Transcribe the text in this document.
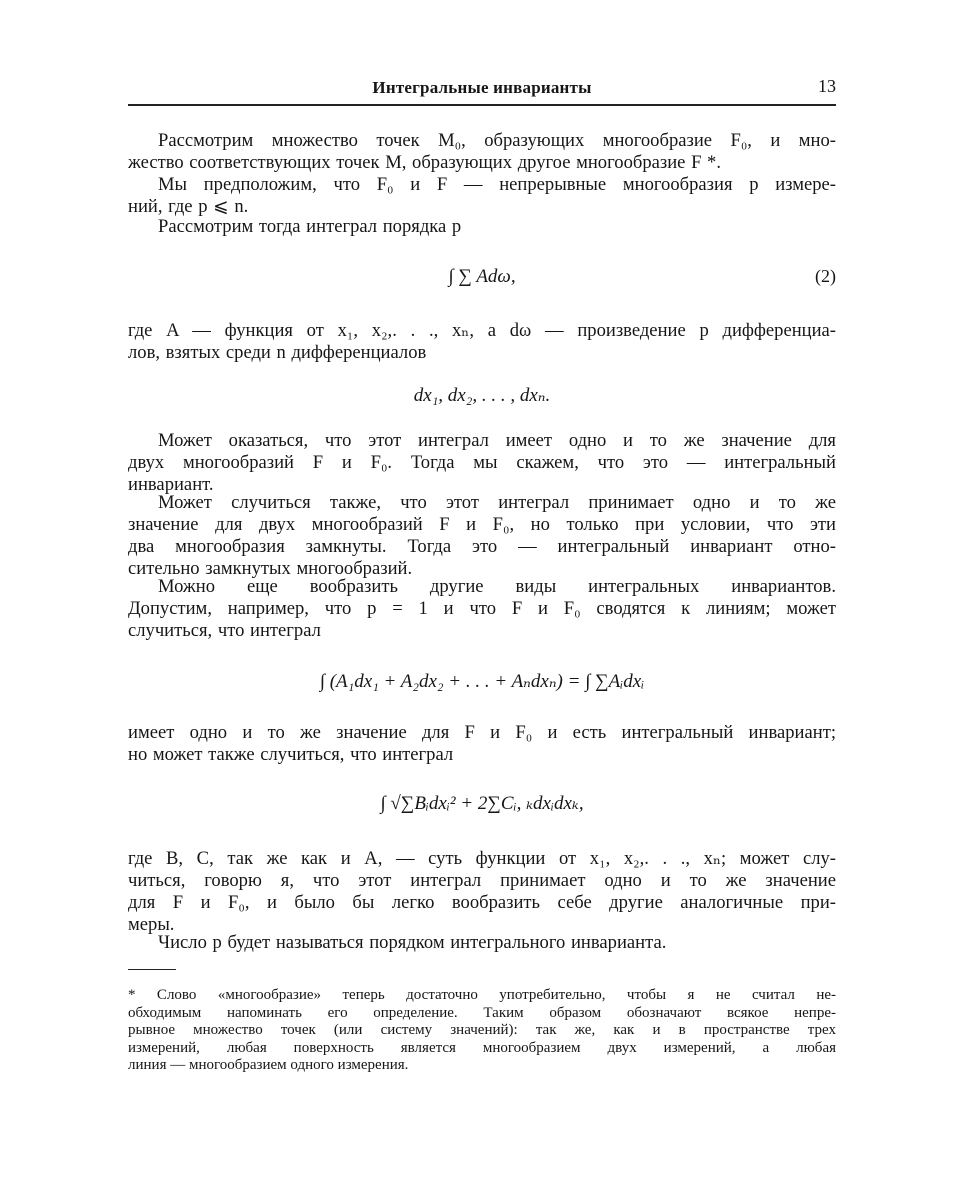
Интегральные инварианты	13

Рассмотрим множество точек M₀, образующих многообразие F₀, и мно-
жество соответствующих точек M, образующих другое многообразие F *.

Мы предположим, что F₀ и F — непрерывные многообразия p измере-
ний, где p ⩽ n.

Рассмотрим тогда интеграл порядка p

∫ ∑ Adω,	(2)

где A — функция от x₁, x₂,. . ., xₙ, а dω — произведение p дифференциа-
лов, взятых среди n дифференциалов

dx₁, dx₂, . . . , dxₙ.

Может оказаться, что этот интеграл имеет одно и то же значение для
двух многообразий F и F₀. Тогда мы скажем, что это — интегральный
инвариант.

Может случиться также, что этот интеграл принимает одно и то же
значение для двух многообразий F и F₀, но только при условии, что эти
два многообразия замкнуты. Тогда это — интегральный инвариант отно-
сительно замкнутых многообразий.

Можно еще вообразить другие виды интегральных инвариантов.
Допустим, например, что p = 1 и что F и F₀ сводятся к линиям; может
случиться, что интеграл

∫ (A₁dx₁ + A₂dx₂ + . . . + Aₙdxₙ) = ∫ ∑Aᵢdxᵢ

имеет одно и то же значение для F и F₀ и есть интегральный инвариант;
но может также случиться, что интеграл

∫ √∑Bᵢdxᵢ² + 2∑Cᵢ, ₖdxᵢdxₖ,

где B, C, так же как и A, — суть функции от x₁, x₂,. . ., xₙ; может слу-
читься, говорю я, что этот интеграл принимает одно и то же значение
для F и F₀, и было бы легко вообразить себе другие аналогичные при-
меры.

Число p будет называться порядком интегрального инварианта.

* Слово «многообразие» теперь достаточно употребительно, чтобы я не считал не-
обходимым напоминать его определение. Таким образом обозначают всякое непре-
рывное множество точек (или систему значений): так же, как и в пространстве трех
измерений, любая поверхность является многообразием двух измерений, а любая
линия — многообразием одного измерения.
